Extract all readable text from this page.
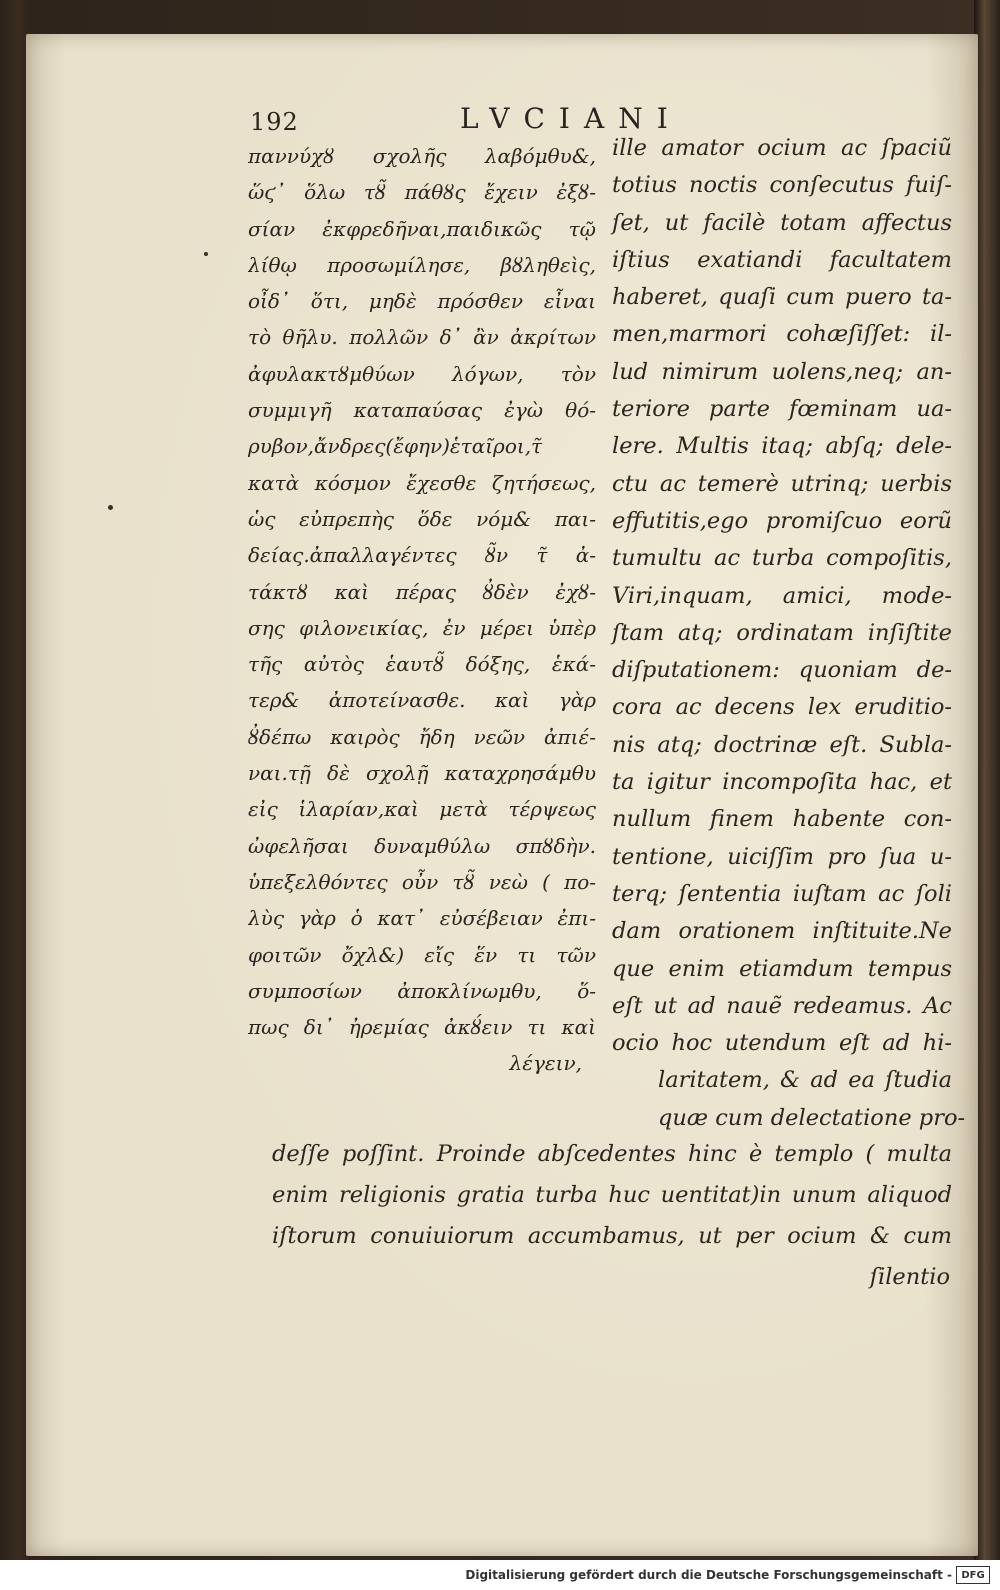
192	LVCIANI
παννύχȣ σχολῆς λαβόμθυ&,
ὥϛ᾽ ὅλω τȣ̃ πάθȣς ἔχειν ἐξȣ-
σίαν ἐκφρεδῆναι,παιδικῶς τῷ
λίθῳ προσωμίλησε, βȣληθεὶς,
οἶδ᾽ ὅτι, μηδὲ πρόσθεν εἶναι
τὸ θῆλυ. πολλῶν δ᾽ ἂν ἀκρίτων
ἀφυλακτȣμθύων λόγων, τὸν
συμμιγῆ καταπαύσας ἐγὼ θό-
ρυβον,ἄνδρες(ἔφην)ἑταῖροι,τ̃
κατὰ κόσμον ἔχεσθε ζητήσεως,
ὡς εὐπρεπὴς ὅδε νόμ& παι-
δείας.ἀπαλλαγέντες ȣ̃ν τ̃ ἀ-
τάκτȣ καὶ πέρας ȣ̓δὲν ἐχȣ-
σης φιλονεικίας, ἐν μέρει ὑπὲρ
τῆς αὐτὸς ἑαυτȣ̃ δόξης, ἑκά-
τερ& ἀποτείνασθε. καὶ γὰρ
ȣ̓δέπω καιρὸς ἤδη νεῶν ἀπιέ-
ναι.τῇ δὲ σχολῇ καταχρησάμθυ
εἰς ἱλαρίαν,καὶ μετὰ τέρψεως
ὠφελῆσαι δυναμθύλω σπȣδὴν.
ὑπεξελθόντες οὖν τȣ̃ νεὼ ( πο-
λὺς γὰρ ὁ κατ᾽ εὐσέβειαν ἐπι-
φοιτῶν ὄχλ&) εἴς ἕν τι τῶν
συμποσίων ἀποκλίνωμθυ, ὅ-
πως δι᾽ ἠρεμίας ἀκȣ́ειν τι καὶ
λέγειν,
ille amator ocium ac ſpaciũ
totius noctis conſecutus fuiſ-
ſet, ut facilè totam affectus
iſtius exatiandi facultatem
haberet, quaſi cum puero ta-
men,marmori cohæſiſſet: il-
lud nimirum uolens,neq; an-
teriore parte fœminam ua-
lere. Multis itaq; abſq; dele-
ctu ac temerè utrinq; uerbis
effutitis,ego promiſcuo eorũ
tumultu ac turba compoſitis,
Viri,inquam, amici, mode-
ſtam atq; ordinatam inſiſtite
diſputationem: quoniam de-
cora ac decens lex eruditio-
nis atq; doctrinæ eſt. Subla-
ta igitur incompoſita hac, et
nullum finem habente con-
tentione, uiciſſim pro ſua u-
terq; ſententia iuſtam ac ſoli
dam orationem inſtituite.Ne
que enim etiamdum tempus
eſt ut ad nauẽ redeamus. Ac
ocio hoc utendum eſt ad hi-
laritatem, & ad ea ſtudia
quæ cum delectatione pro-
deſſe poſſint. Proinde abſcedentes hinc è templo ( multa
enim religionis gratia turba huc uentitat)in unum aliquod
iſtorum conuiuiorum accumbamus, ut per ocium & cum
ſilentio
Digitalisierung gefördert durch die Deutsche Forschungsgemeinschaft - DFG
